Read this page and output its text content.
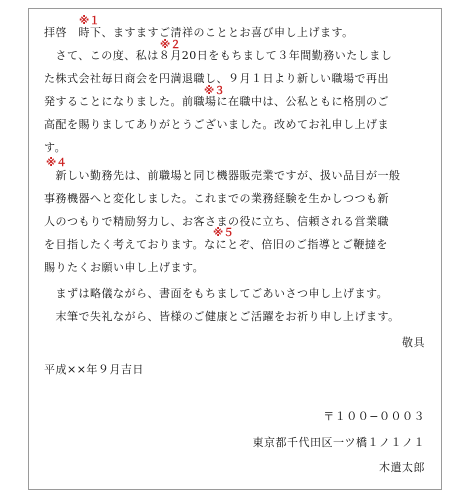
拝啓　時下、ますますご清祥のこととお喜び申し上げます。
　さて、この度、私は８月20日をもちまして３年間勤務いたしまし
た株式会社毎日商会を円満退職し、９月１日より新しい職場で再出
発することになりました。前職場に在職中は、公私ともに格別のご
高配を賜りましてありがとうございました。改めてお礼申し上げま
す。
　新しい勤務先は、前職場と同じ機器販売業ですが、扱い品目が一般
事務機器へと変化しました。これまでの業務経験を生かしつつも新
人のつもりで精励努力し、お客さまの役に立ち、信頼される営業職
を目指したく考えております。なにとぞ、倍旧のご指導とご鞭撻を
賜りたくお願い申し上げます。
　まずは略儀ながら、書面をもちましてごあいさつ申し上げます。
　末筆で失礼ながら、皆様のご健康とご活躍をお祈り申し上げます。
※１
※２
※３
※４
※５
敬具
平成××年９月吉日
〒１００−０００３
東京都千代田区一ツ橋１ノ１ノ１
木遣太郎
